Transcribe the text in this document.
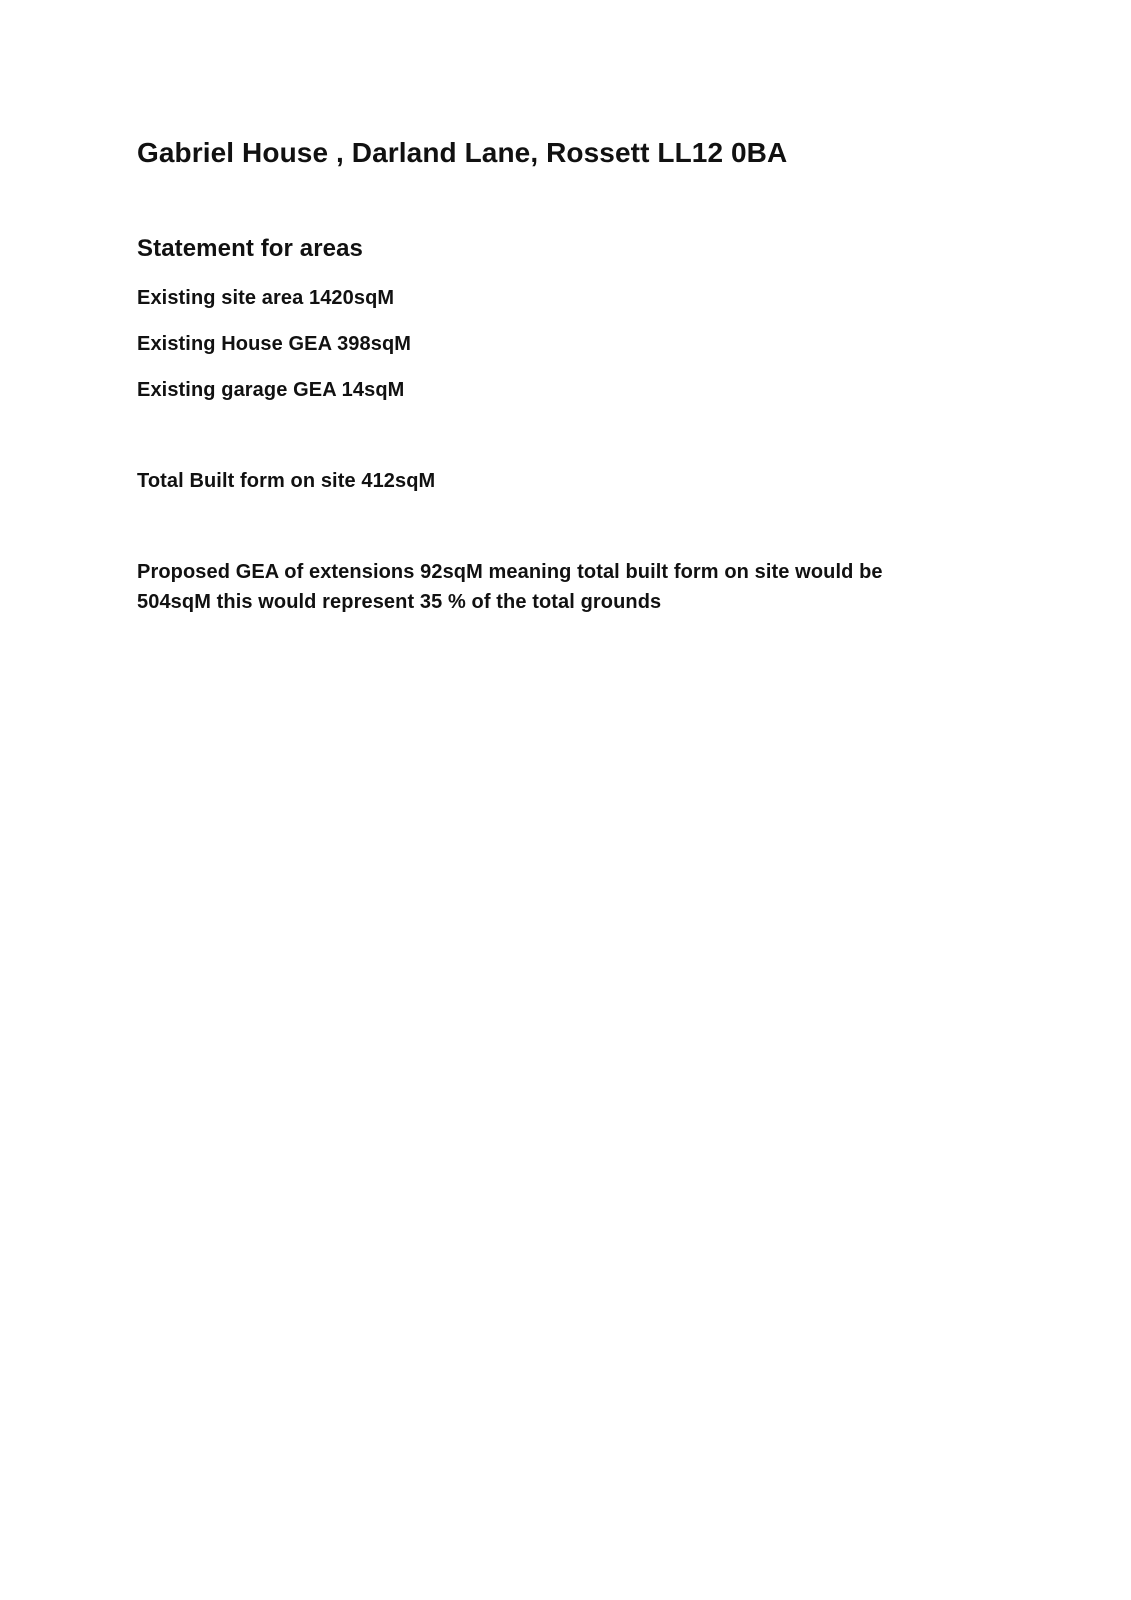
Gabriel House , Darland Lane, Rossett LL12 0BA
Statement for areas

Existing site area 1420sqM

Existing House GEA 398sqM

Existing garage GEA 14sqM

Total Built form on site 412sqM

Proposed GEA of extensions 92sqM meaning total built form on site would be 504sqM this would represent 35 % of the total grounds
